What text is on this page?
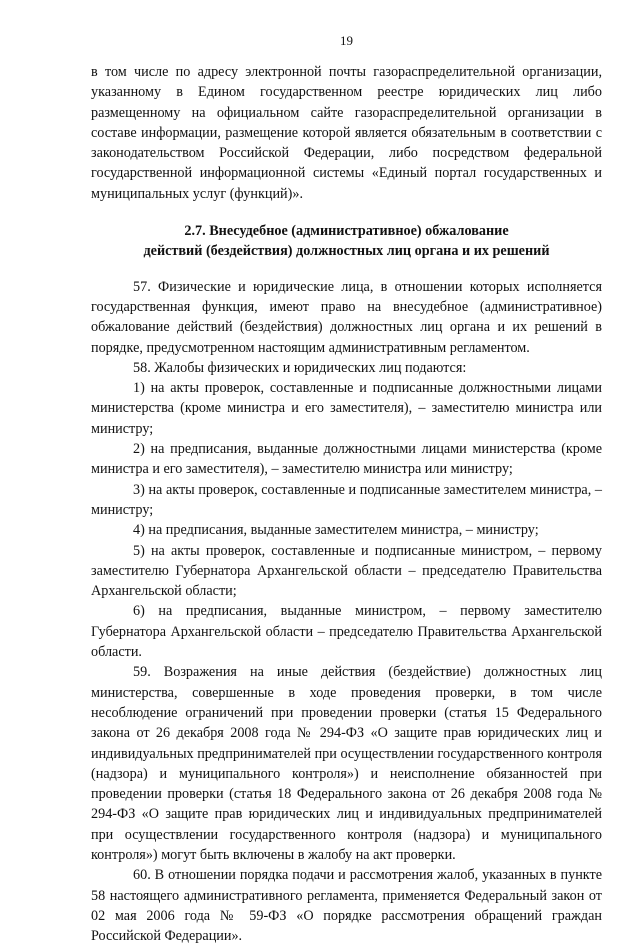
19

в том числе по адресу электронной почты газораспределительной организации, указанному в Едином государственном реестре юридических лиц либо размещенному на официальном сайте газораспределительной организации в составе информации, размещение которой является обязательным в соответствии с законодательством Российской Федерации, либо посредством федеральной государственной информационной системы «Единый портал государственных и муниципальных услуг (функций)».

2.7. Внесудебное (административное) обжалование
действий (бездействия) должностных лиц органа и их решений

57. Физические и юридические лица, в отношении которых исполняется государственная функция, имеют право на внесудебное (административное) обжалование действий (бездействия) должностных лиц органа и их решений в порядке, предусмотренном настоящим административным регламентом.

58. Жалобы физических и юридических лиц подаются:

1) на акты проверок, составленные и подписанные должностными лицами министерства (кроме министра и его заместителя), – заместителю министра или министру;

2) на предписания, выданные должностными лицами министерства (кроме министра и его заместителя), – заместителю министра или министру;

3) на акты проверок, составленные и подписанные заместителем министра, – министру;

4) на предписания, выданные заместителем министра, – министру;

5) на акты проверок, составленные и подписанные министром, – первому заместителю Губернатора Архангельской области – председателю Правительства Архангельской области;

6) на предписания, выданные министром, – первому заместителю Губернатора Архангельской области – председателю Правительства Архангельской области.

59. Возражения на иные действия (бездействие) должностных лиц министерства, совершенные в ходе проведения проверки, в том числе несоблюдение ограничений при проведении проверки (статья 15 Федерального закона от 26 декабря 2008 года № 294-ФЗ «О защите прав юридических лиц и индивидуальных предпринимателей при осуществлении государственного контроля (надзора) и муниципального контроля») и неисполнение обязанностей при проведении проверки (статья 18 Федерального закона от 26 декабря 2008 года № 294-ФЗ «О защите прав юридических лиц и индивидуальных предпринимателей при осуществлении государственного контроля (надзора) и муниципального контроля») могут быть включены в жалобу на акт проверки.

60. В отношении порядка подачи и рассмотрения жалоб, указанных в пункте 58 настоящего административного регламента, применяется Федеральный закон от 02 мая 2006 года № 59-ФЗ «О порядке рассмотрения обращений граждан Российской Федерации».
